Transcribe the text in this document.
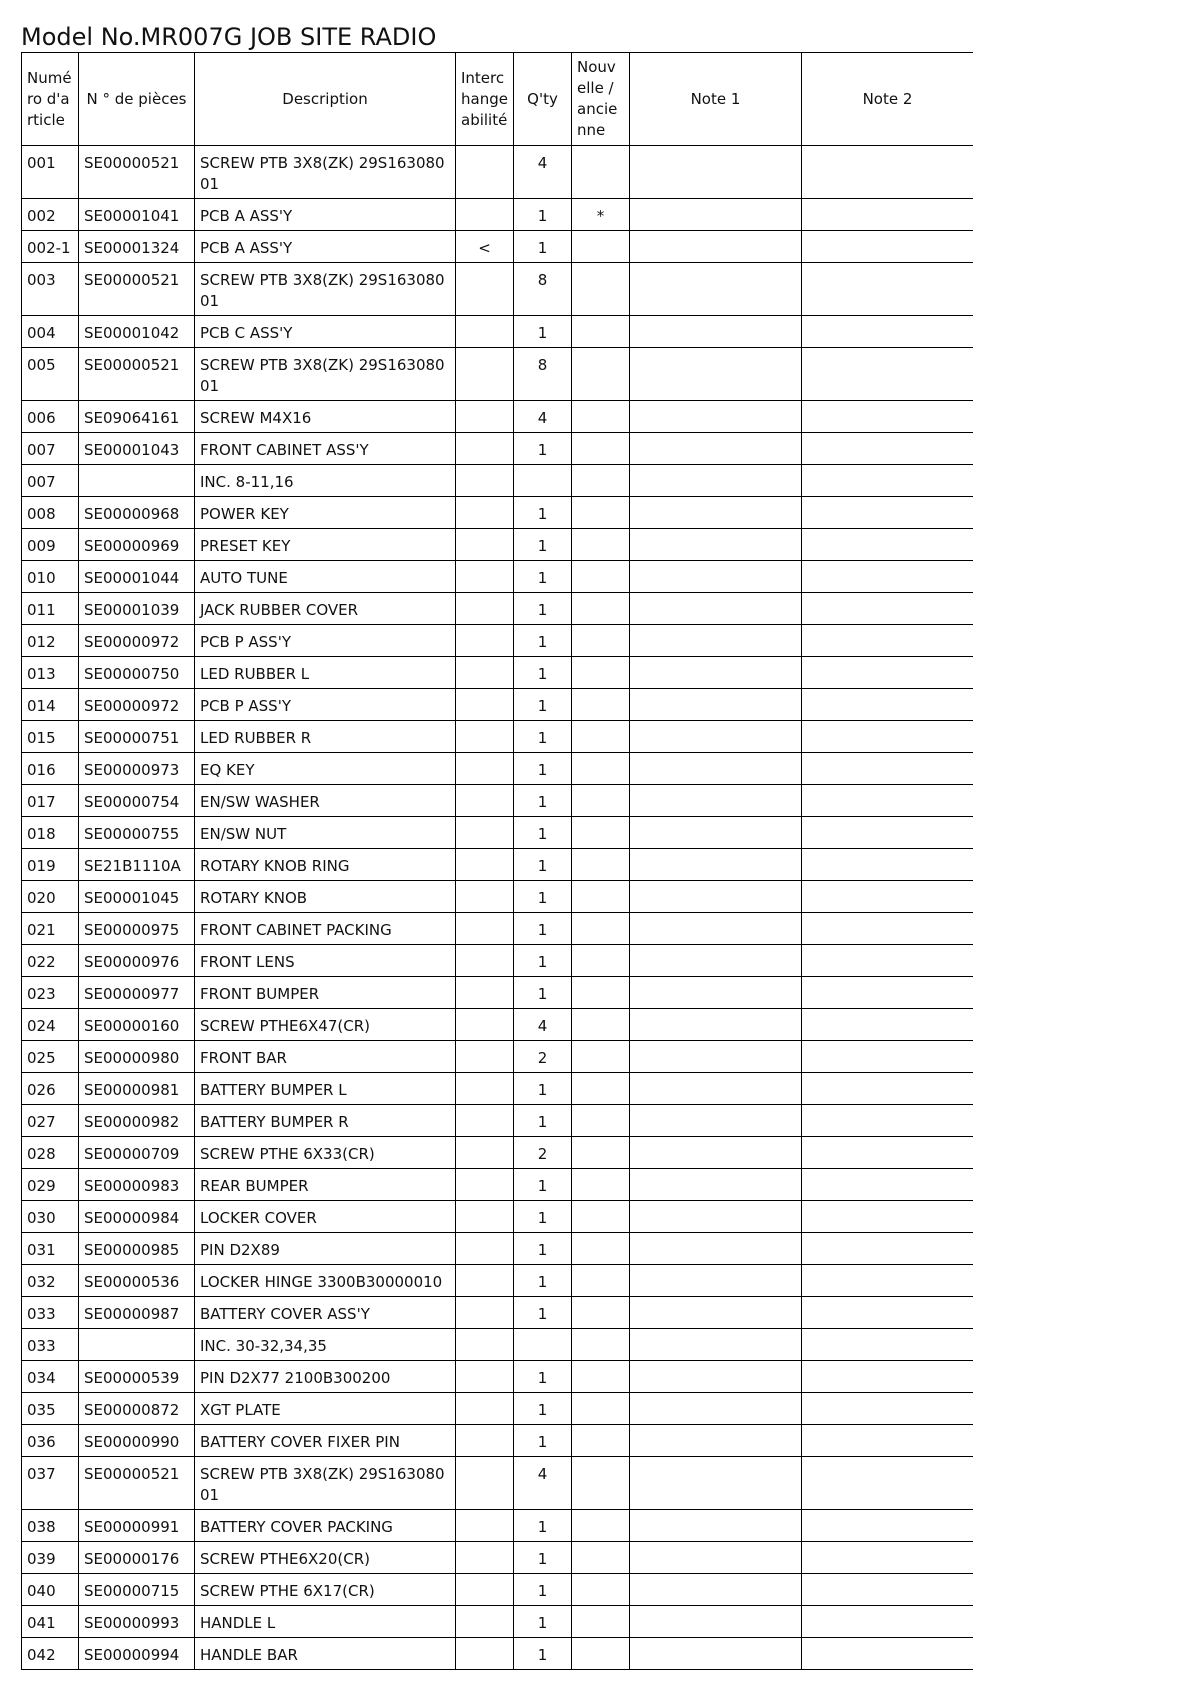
Model No.MR007G JOB SITE RADIO
Numéro d'article	N ° de pièces	Description	Interchangeabilité	Q'ty	Nouvelle / ancienne	Note 1	Note 2
001	SE00000521	SCREW PTB 3X8(ZK) 29S16308001		4			
002	SE00001041	PCB A ASS'Y		1	*		
002-1	SE00001324	PCB A ASS'Y	<	1			
003	SE00000521	SCREW PTB 3X8(ZK) 29S16308001		8			
004	SE00001042	PCB C ASS'Y		1			
005	SE00000521	SCREW PTB 3X8(ZK) 29S16308001		8			
006	SE09064161	SCREW M4X16		4			
007	SE00001043	FRONT CABINET ASS'Y		1			
007		INC. 8-11,16					
008	SE00000968	POWER KEY		1			
009	SE00000969	PRESET KEY		1			
010	SE00001044	AUTO TUNE		1			
011	SE00001039	JACK RUBBER COVER		1			
012	SE00000972	PCB P ASS'Y		1			
013	SE00000750	LED RUBBER L		1			
014	SE00000972	PCB P ASS'Y		1			
015	SE00000751	LED RUBBER R		1			
016	SE00000973	EQ KEY		1			
017	SE00000754	EN/SW WASHER		1			
018	SE00000755	EN/SW NUT		1			
019	SE21B1110A	ROTARY KNOB RING		1			
020	SE00001045	ROTARY KNOB		1			
021	SE00000975	FRONT CABINET PACKING		1			
022	SE00000976	FRONT LENS		1			
023	SE00000977	FRONT BUMPER		1			
024	SE00000160	SCREW PTHE6X47(CR)		4			
025	SE00000980	FRONT BAR		2			
026	SE00000981	BATTERY BUMPER L		1			
027	SE00000982	BATTERY BUMPER R		1			
028	SE00000709	SCREW PTHE 6X33(CR)		2			
029	SE00000983	REAR BUMPER		1			
030	SE00000984	LOCKER COVER		1			
031	SE00000985	PIN D2X89		1			
032	SE00000536	LOCKER HINGE 3300B30000010		1			
033	SE00000987	BATTERY COVER ASS'Y		1			
033		INC. 30-32,34,35					
034	SE00000539	PIN D2X77 2100B300200		1			
035	SE00000872	XGT PLATE		1			
036	SE00000990	BATTERY COVER FIXER PIN		1			
037	SE00000521	SCREW PTB 3X8(ZK) 29S16308001		4			
038	SE00000991	BATTERY COVER PACKING		1			
039	SE00000176	SCREW PTHE6X20(CR)		1			
040	SE00000715	SCREW PTHE 6X17(CR)		1			
041	SE00000993	HANDLE L		1			
042	SE00000994	HANDLE BAR		1			
